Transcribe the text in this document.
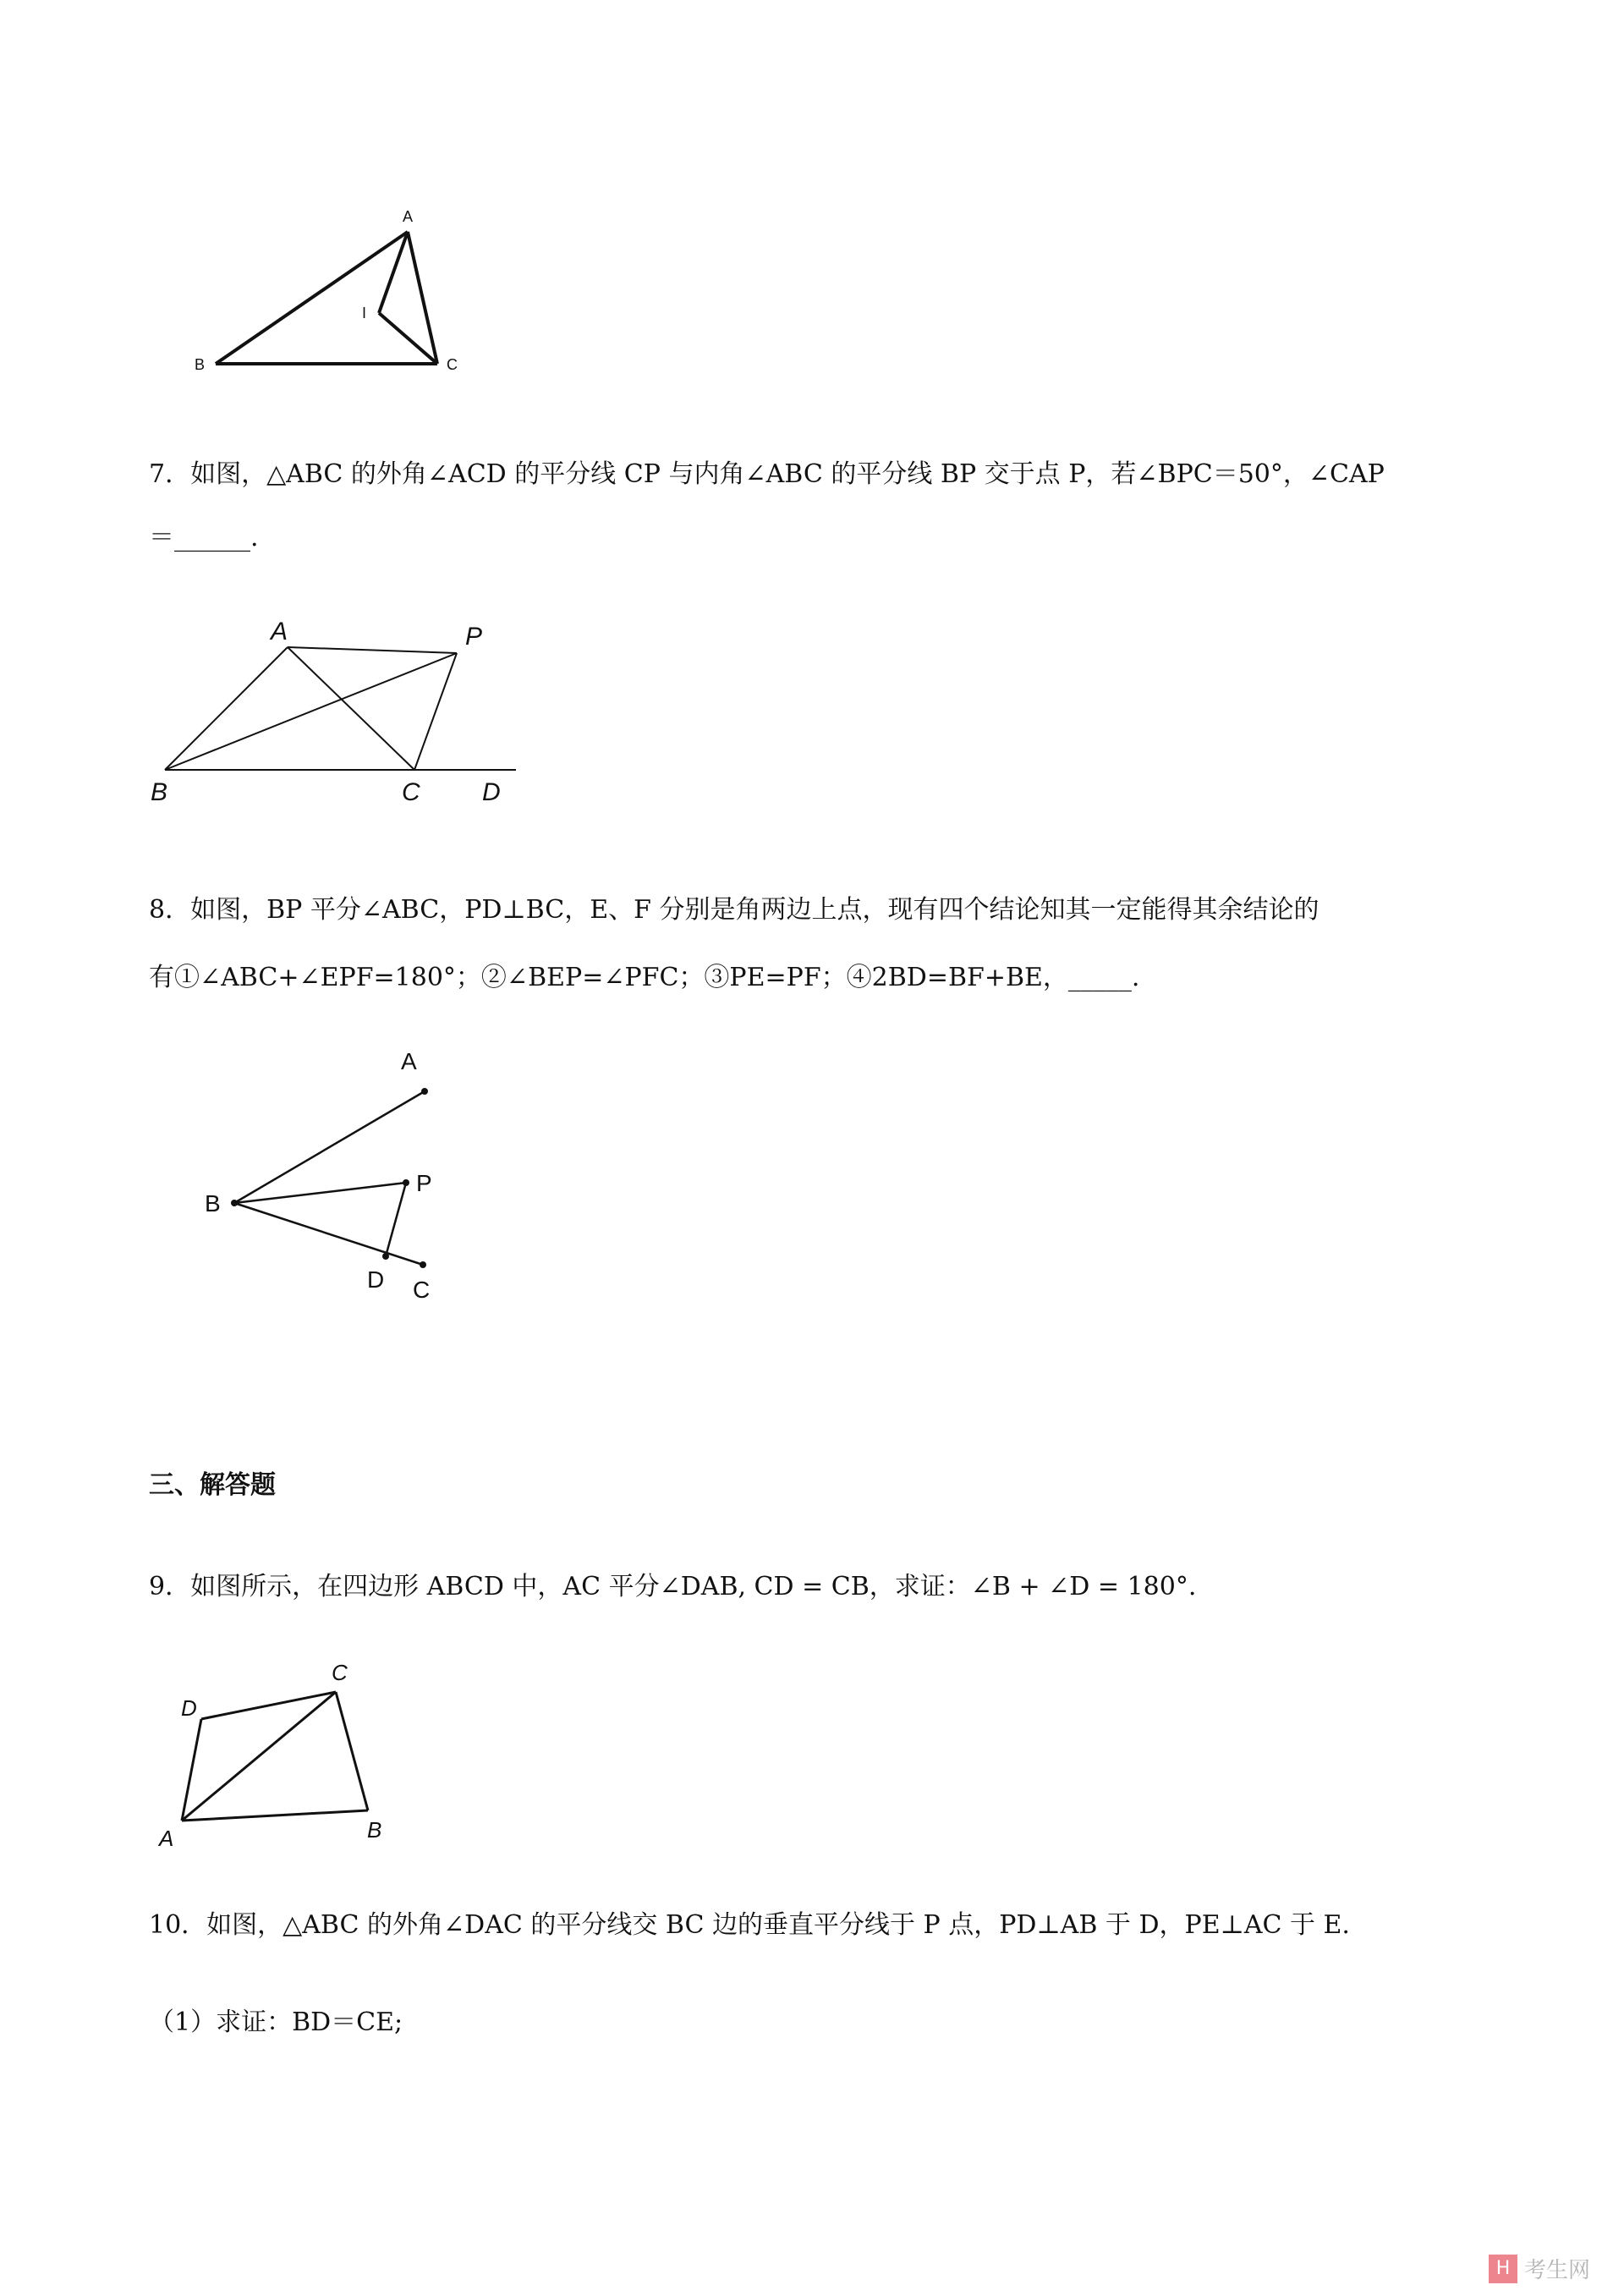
A
B	C
I
7．如图，△ABC 的外角∠ACD 的平分线 CP 与内角∠ABC 的平分线 BP 交于点 P，若∠BPC＝50°，∠CAP
＝______.
A	P
B	C D
8．如图，BP 平分∠ABC，PD⊥BC，E、F 分别是角两边上点，现有四个结论知其一定能得其余结论的
有①∠ABC+∠EPF=180°；②∠BEP=∠PFC；③PE=PF；④2BD=BF+BE，_____.
A
B
P
D C
三、解答题
9．如图所示，在四边形 ABCD 中，AC 平分∠DAB, CD = CB，求证：∠B + ∠D = 180°.
A	B
C
D
10．如图，△ABC 的外角∠DAC 的平分线交 BC 边的垂直平分线于 P 点，PD⊥AB 于 D，PE⊥AC 于 E.
（1）求证：BD＝CE;
H 考生网
